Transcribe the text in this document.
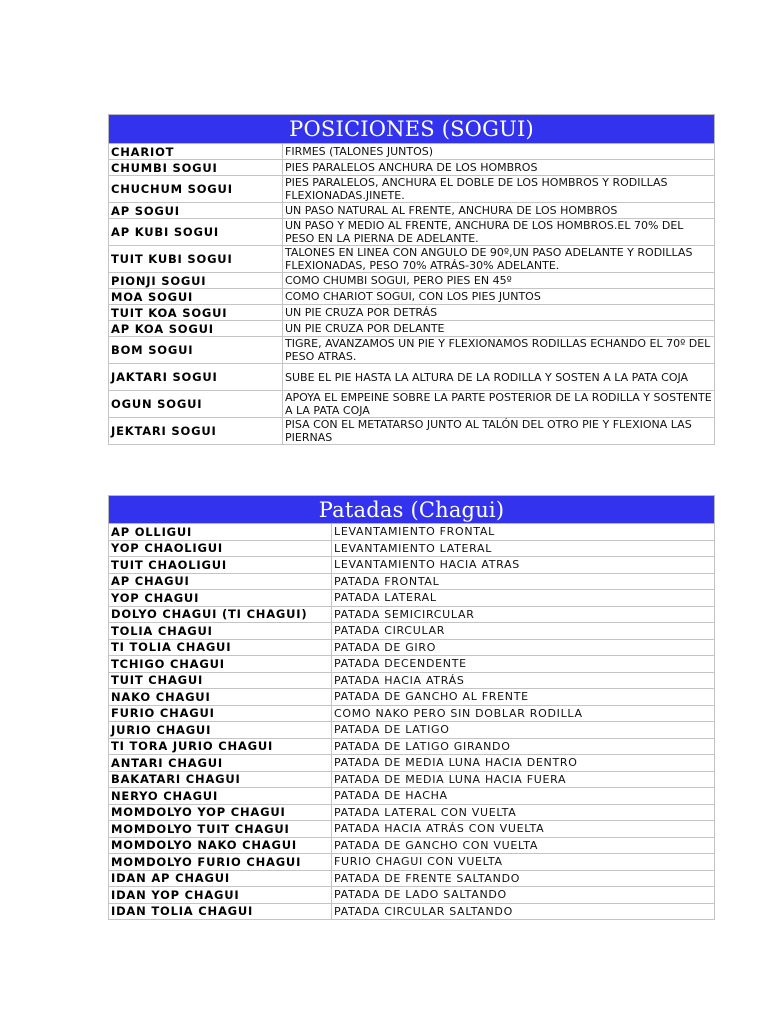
POSICIONES (SOGUI)	
CHARIOT	FIRMES (TALONES JUNTOS)
CHUMBI SOGUI	PIES PARALELOS ANCHURA DE LOS HOMBROS
CHUCHUM SOGUI	PIES PARALELOS, ANCHURA EL DOBLE DE LOS HOMBROS Y RODILLAS FLEXIONADAS.JINETE.
AP SOGUI	UN PASO NATURAL AL FRENTE, ANCHURA DE LOS HOMBROS
AP KUBI SOGUI	UN PASO Y MEDIO AL FRENTE, ANCHURA DE LOS HOMBROS.EL 70% DEL PESO EN LA PIERNA DE ADELANTE.
TUIT KUBI SOGUI	TALONES EN LINEA CON ANGULO DE 90º,UN PASO ADELANTE Y RODILLAS FLEXIONADAS, PESO 70% ATRÁS-30% ADELANTE.
PIONJI SOGUI	COMO CHUMBI SOGUI, PERO PIES EN 45º
MOA SOGUI	COMO CHARIOT SOGUI, CON LOS PIES JUNTOS
TUIT KOA SOGUI	UN PIE CRUZA POR DETRÁS
AP KOA SOGUI	UN PIE CRUZA POR DELANTE
BOM SOGUI	TIGRE, AVANZAMOS UN PIE Y FLEXIONAMOS RODILLAS ECHANDO EL 70º DEL PESO ATRAS.
JAKTARI SOGUI	SUBE EL PIE HASTA LA ALTURA DE LA RODILLA Y SOSTEN A LA PATA COJA
OGUN SOGUI	APOYA EL EMPEINE SOBRE LA PARTE POSTERIOR DE LA RODILLA Y SOSTENTE A LA PATA COJA
JEKTARI SOGUI	PISA CON EL METATARSO JUNTO AL TALÓN DEL OTRO PIE Y FLEXIONA LAS PIERNAS
Patadas (Chagui)	
AP OLLIGUI	LEVANTAMIENTO FRONTAL
YOP CHAOLIGUI	LEVANTAMIENTO LATERAL
TUIT CHAOLIGUI	LEVANTAMIENTO HACIA ATRAS
AP CHAGUI	PATADA FRONTAL
YOP CHAGUI	PATADA LATERAL
DOLYO CHAGUI (TI CHAGUI)	PATADA SEMICIRCULAR
TOLIA CHAGUI	PATADA CIRCULAR
TI TOLIA CHAGUI	PATADA DE GIRO
TCHIGO CHAGUI	PATADA DECENDENTE
TUIT CHAGUI	PATADA HACIA ATRÁS
NAKO CHAGUI	PATADA DE GANCHO AL FRENTE
FURIO CHAGUI	COMO NAKO PERO SIN DOBLAR RODILLA
JURIO CHAGUI	PATADA DE LATIGO
TI TORA JURIO CHAGUI	PATADA DE LATIGO GIRANDO
ANTARI CHAGUI	PATADA DE MEDIA LUNA HACIA DENTRO
BAKATARI CHAGUI	PATADA DE MEDIA LUNA HACIA FUERA
NERYO CHAGUI	PATADA DE HACHA
MOMDOLYO YOP CHAGUI	PATADA LATERAL CON VUELTA
MOMDOLYO TUIT CHAGUI	PATADA HACIA ATRÁS CON VUELTA
MOMDOLYO NAKO CHAGUI	PATADA DE GANCHO CON VUELTA
MOMDOLYO FURIO CHAGUI	FURIO CHAGUI CON VUELTA
IDAN AP CHAGUI	PATADA DE FRENTE SALTANDO
IDAN YOP CHAGUI	PATADA DE LADO SALTANDO
IDAN TOLIA CHAGUI	PATADA CIRCULAR SALTANDO
